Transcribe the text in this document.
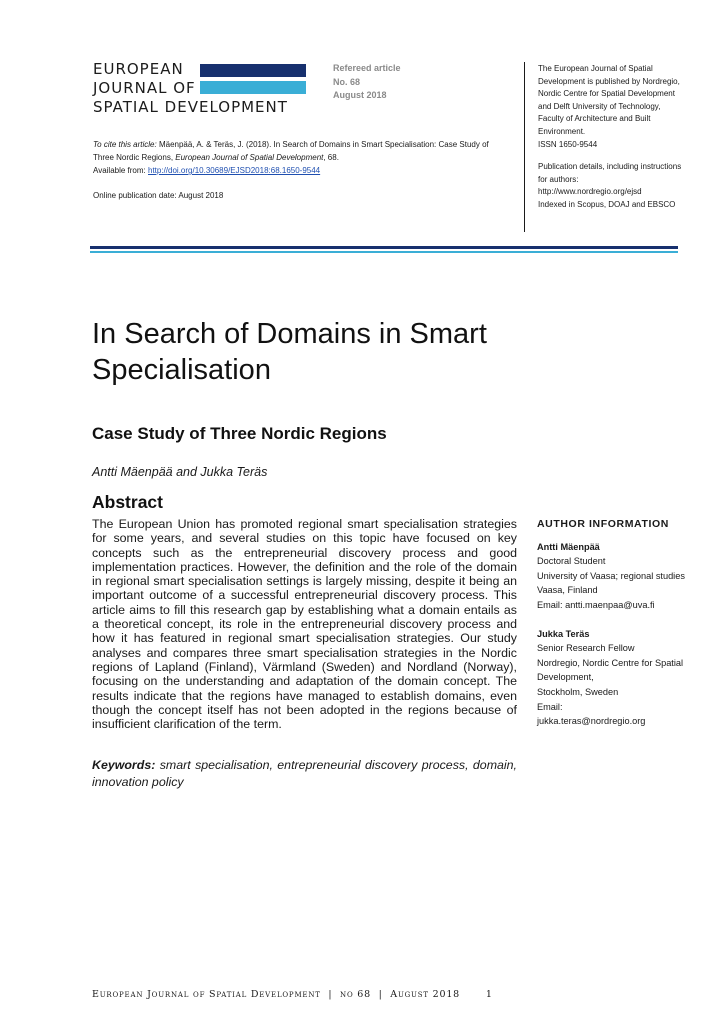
EUROPEAN
JOURNAL OF
SPATIAL DEVELOPMENT
Refereed article
No. 68
August 2018

The European Journal of Spatial Development is published by Nordregio, Nordic Centre for Spatial Development and Delft University of Technology, Faculty of Architecture and Built Environment.
ISSN 1650-9544

Publication details, including instructions for authors:
http://www.nordregio.org/ejsd
Indexed in Scopus, DOAJ and EBSCO

To cite this article: Mäenpää, A. & Teräs, J. (2018). In Search of Domains in Smart Specialisation: Case Study of Three Nordic Regions, European Journal of Spatial Development, 68.
Available from: http://doi.org/10.30689/EJSD2018:68.1650-9544
Online publication date: August 2018
In Search of Domains in Smart Specialisation
Case Study of Three Nordic Regions
Antti Mäenpää and Jukka Teräs
Abstract
The European Union has promoted regional smart specialisation strategies for some years, and several studies on this topic have focused on key concepts such as the entrepreneurial discovery process and good implementation practices. However, the definition and the role of the domain in regional smart specialisation settings is largely missing, despite it being an important outcome of a successful entrepreneurial discovery process. This article aims to fill this research gap by establishing what a domain entails as a theoretical concept, its role in the entrepreneurial discovery process and how it has featured in regional smart specialisation strategies. Our study analyses and compares three smart specialisation strategies in the Nordic regions of Lapland (Finland), Värmland (Sweden) and Nordland (Norway), focusing on the understanding and adaptation of the domain concept. The results indicate that the regions have managed to establish domains, even though the concept itself has not been adopted in the regions because of insufficient clarification of the term.
Keywords: smart specialisation, entrepreneurial discovery process, domain, innovation policy
AUTHOR INFORMATION
Antti Mäenpää
Doctoral Student
University of Vaasa; regional studies
Vaasa, Finland
Email: antti.maenpaa@uva.fi
Jukka Teräs
Senior Research Fellow
Nordregio, Nordic Centre for Spatial Development,
Stockholm, Sweden
Email:
jukka.teras@nordregio.org
European Journal of Spatial Development | no 68 | August 2018	1
